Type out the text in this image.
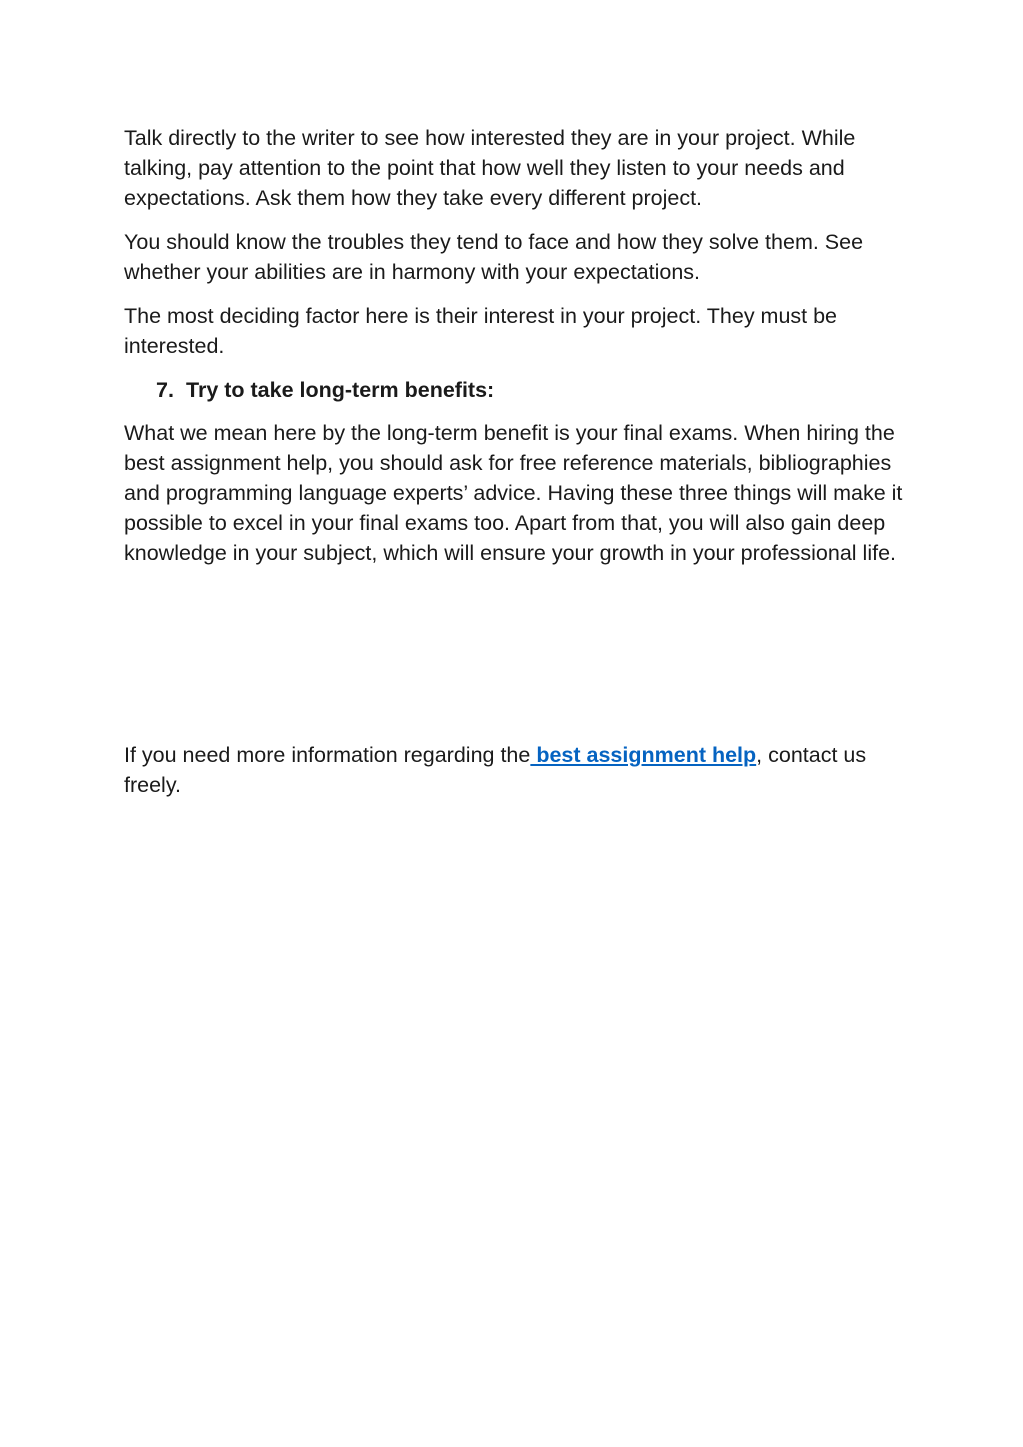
Talk directly to the writer to see how interested they are in your project. While talking, pay attention to the point that how well they listen to your needs and expectations. Ask them how they take every different project.

You should know the troubles they tend to face and how they solve them. See whether your abilities are in harmony with your expectations.

The most deciding factor here is their interest in your project. They must be interested.

7. Try to take long-term benefits:

What we mean here by the long-term benefit is your final exams. When hiring the best assignment help, you should ask for free reference materials, bibliographies and programming language experts’ advice. Having these three things will make it possible to excel in your final exams too. Apart from that, you will also gain deep knowledge in your subject, which will ensure your growth in your professional life.

If you need more information regarding the best assignment help, contact us freely.
